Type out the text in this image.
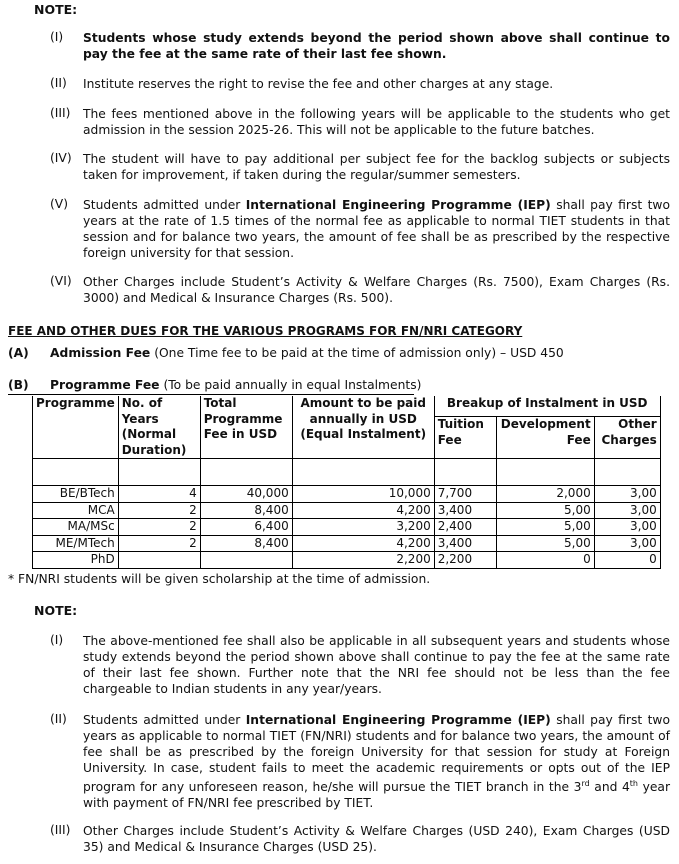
NOTE:
(I)	Students whose study extends beyond the period shown above shall continue to pay the fee at the same rate of their last fee shown.
(II)	Institute reserves the right to revise the fee and other charges at any stage.
(III)	The fees mentioned above in the following years will be applicable to the students who get admission in the session 2025-26. This will not be applicable to the future batches.
(IV) The student will have to pay additional per subject fee for the backlog subjects or subjects taken for improvement, if taken during the regular/summer semesters.
(V)	Students admitted under International Engineering Programme (IEP) shall pay first two years at the rate of 1.5 times of the normal fee as applicable to normal TIET students in that session and for balance two years, the amount of fee shall be as prescribed by the respective foreign university for that session.
(VI) Other Charges include Student’s Activity & Welfare Charges (Rs. 7500), Exam Charges (Rs. 3000) and Medical & Insurance Charges (Rs. 500).
FEE AND OTHER DUES FOR THE VARIOUS PROGRAMS FOR FN/NRI CATEGORY
(A) Admission Fee (One Time fee to be paid at the time of admission only) – USD 450
(B) Programme Fee (To be paid annually in equal Instalments)
Programme	No. of Years (Normal Duration)	Total Programme Fee in USD	Amount to be paid annually in USD (Equal Instalment)	Breakup of Instalment in USD		
				Tuition Fee	Development Fee	Other Charges

BE/BTech	4	40,000	10,000	7,700	2,000	3,00
MCA	2	8,400	4,200	3,400	5,00	3,00
MA/MSc	2	6,400	3,200	2,400	5,00	3,00
ME/MTech	2	8,400	4,200	3,400	5,00	3,00
PhD			2,200	2,200	0	0
* FN/NRI students will be given scholarship at the time of admission.
NOTE:
(I)	The above-mentioned fee shall also be applicable in all subsequent years and students whose study extends beyond the period shown above shall continue to pay the fee at the same rate of their last fee shown. Further note that the NRI fee should not be less than the fee chargeable to Indian students in any year/years.
(II)	Students admitted under International Engineering Programme (IEP) shall pay first two years as applicable to normal TIET (FN/NRI) students and for balance two years, the amount of fee shall be as prescribed by the foreign University for that session for study at Foreign University. In case, student fails to meet the academic requirements or opts out of the IEP program for any unforeseen reason, he/she will pursue the TIET branch in the 3rd and 4th year with payment of FN/NRI fee prescribed by TIET.
(III)	Other Charges include Student’s Activity & Welfare Charges (USD 240), Exam Charges (USD 35) and Medical & Insurance Charges (USD 25).
